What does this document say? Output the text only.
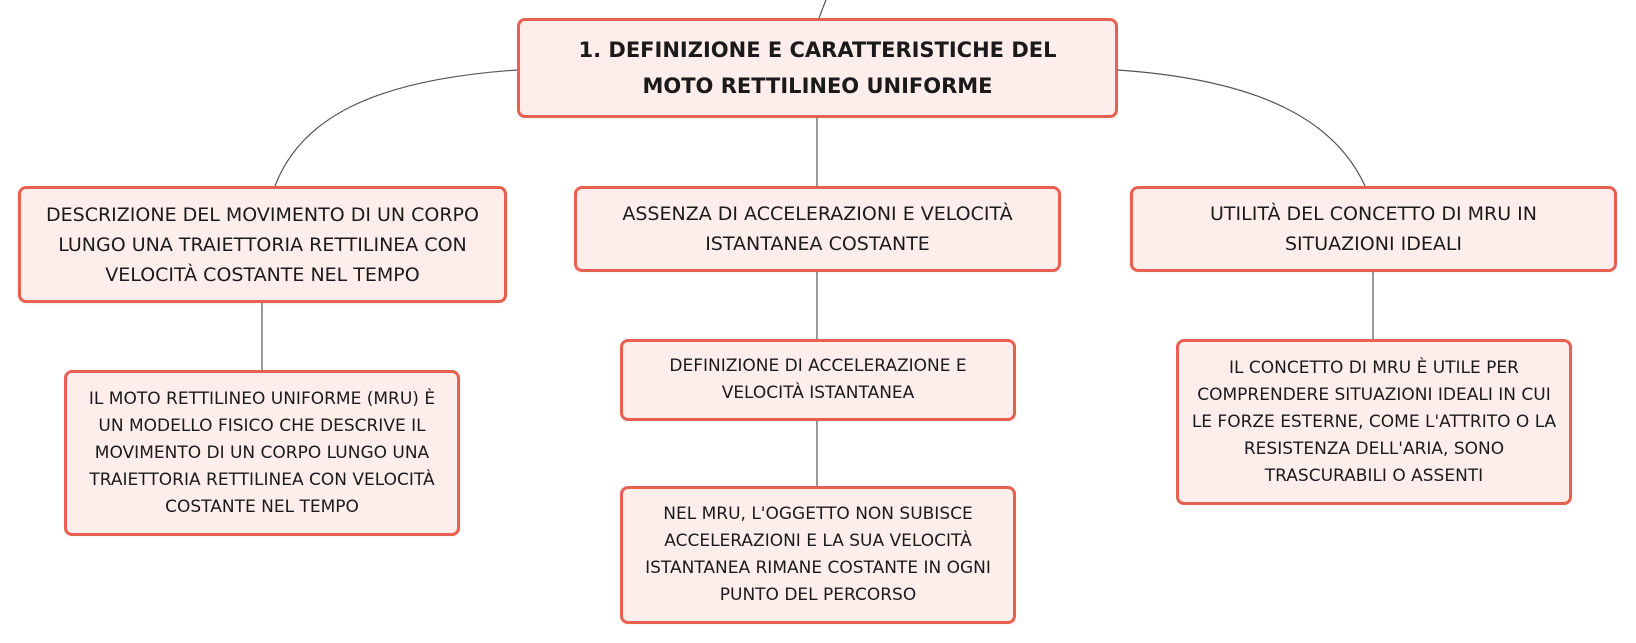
1. DEFINIZIONE E CARATTERISTICHE DEL MOTO RETTILINEO UNIFORME
DESCRIZIONE DEL MOVIMENTO DI UN CORPO LUNGO UNA TRAIETTORIA RETTILINEA CON VELOCITÀ COSTANTE NEL TEMPO
ASSENZA DI ACCELERAZIONI E VELOCITÀ ISTANTANEA COSTANTE
UTILITÀ DEL CONCETTO DI MRU IN SITUAZIONI IDEALI
IL MOTO RETTILINEO UNIFORME (MRU) È UN MODELLO FISICO CHE DESCRIVE IL MOVIMENTO DI UN CORPO LUNGO UNA TRAIETTORIA RETTILINEA CON VELOCITÀ COSTANTE NEL TEMPO
DEFINIZIONE DI ACCELERAZIONE E VELOCITÀ ISTANTANEA
NEL MRU, L'OGGETTO NON SUBISCE ACCELERAZIONI E LA SUA VELOCITÀ ISTANTANEA RIMANE COSTANTE IN OGNI PUNTO DEL PERCORSO
IL CONCETTO DI MRU È UTILE PER COMPRENDERE SITUAZIONI IDEALI IN CUI LE FORZE ESTERNE, COME L'ATTRITO O LA RESISTENZA DELL'ARIA, SONO TRASCURABILI O ASSENTI
